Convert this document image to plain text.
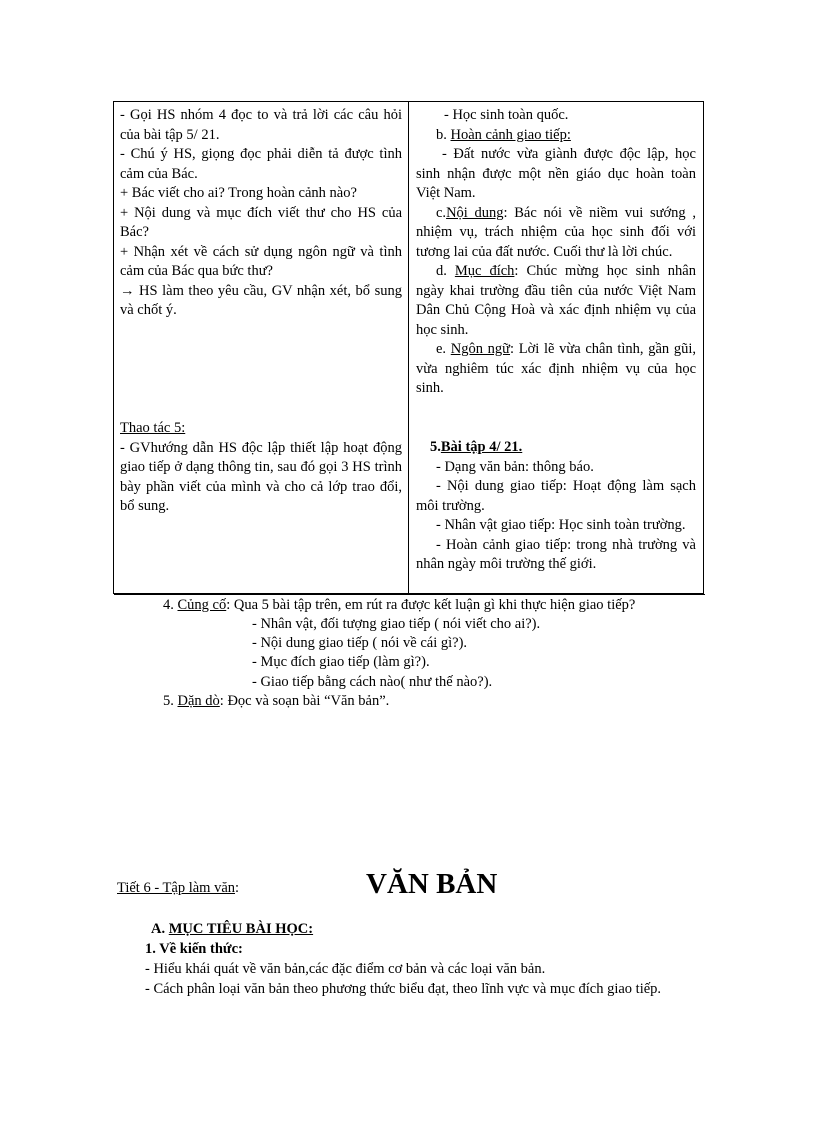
- Gọi HS nhóm 4 đọc to và trả lời các câu hỏi của bài tập 5/ 21.

- Chú ý HS, giọng đọc phải diễn tả được tình cảm của Bác.

+ Bác viết cho ai? Trong hoàn cảnh nào?

+ Nội dung và mục đích viết thư cho HS của Bác?

+ Nhận xét về cách sử dụng ngôn ngữ và tình cảm của Bác qua bức thư?

→ HS làm theo yêu cầu, GV nhận xét, bổ sung và chốt ý.

Thao tác 5:

- GVhướng dẫn HS độc lập thiết lập hoạt động giao tiếp ở dạng thông tin, sau đó gọi 3 HS trình bày phần viết của mình và cho cả lớp trao đổi, bổ sung.

- Học sinh toàn quốc.

b. Hoàn cảnh giao tiếp:

- Đất nước vừa giành được độc lập, học sinh nhận được một nền giáo dục hoàn toàn Việt Nam.

c.Nội dung: Bác nói về niềm vui sướng , nhiệm vụ, trách nhiệm của học sinh đối với tương lai của đất nước. Cuối thư là lời chúc.

d. Mục đích: Chúc mừng học sinh nhân ngày khai trường đầu tiên của nước Việt Nam Dân Chủ Cộng Hoà và xác định nhiệm vụ của học sinh.

e. Ngôn ngữ: Lời lẽ vừa chân tình, gần gũi, vừa nghiêm túc xác định nhiệm vụ của học sinh.

5.Bài tập 4/ 21.

- Dạng văn bản: thông báo.

- Nội dung giao tiếp: Hoạt động làm sạch môi trường.

- Nhân vật giao tiếp: Học sinh toàn trường.

- Hoàn cảnh giao tiếp: trong nhà trường và nhân ngày môi trường thế giới.

4. Củng cố: Qua 5 bài tập trên, em rút ra được kết luận gì khi thực hiện giao tiếp?
- Nhân vật, đối tượng giao tiếp ( nói viết cho ai?).
- Nội dung giao tiếp ( nói về cái gì?).
- Mục đích giao tiếp (làm gì?).
- Giao tiếp bằng cách nào( như thế nào?).
5. Dặn dò: Đọc và soạn bài “Văn bản”.
Tiết 6 - Tập làm văn:	VĂN BẢN
A. MỤC TIÊU BÀI HỌC:
1. Về kiến thức:
- Hiểu khái quát về văn bản,các đặc điểm cơ bản và các loại văn bản.
- Cách phân loại văn bản theo phương thức biểu đạt, theo lĩnh vực và mục đích giao tiếp.
